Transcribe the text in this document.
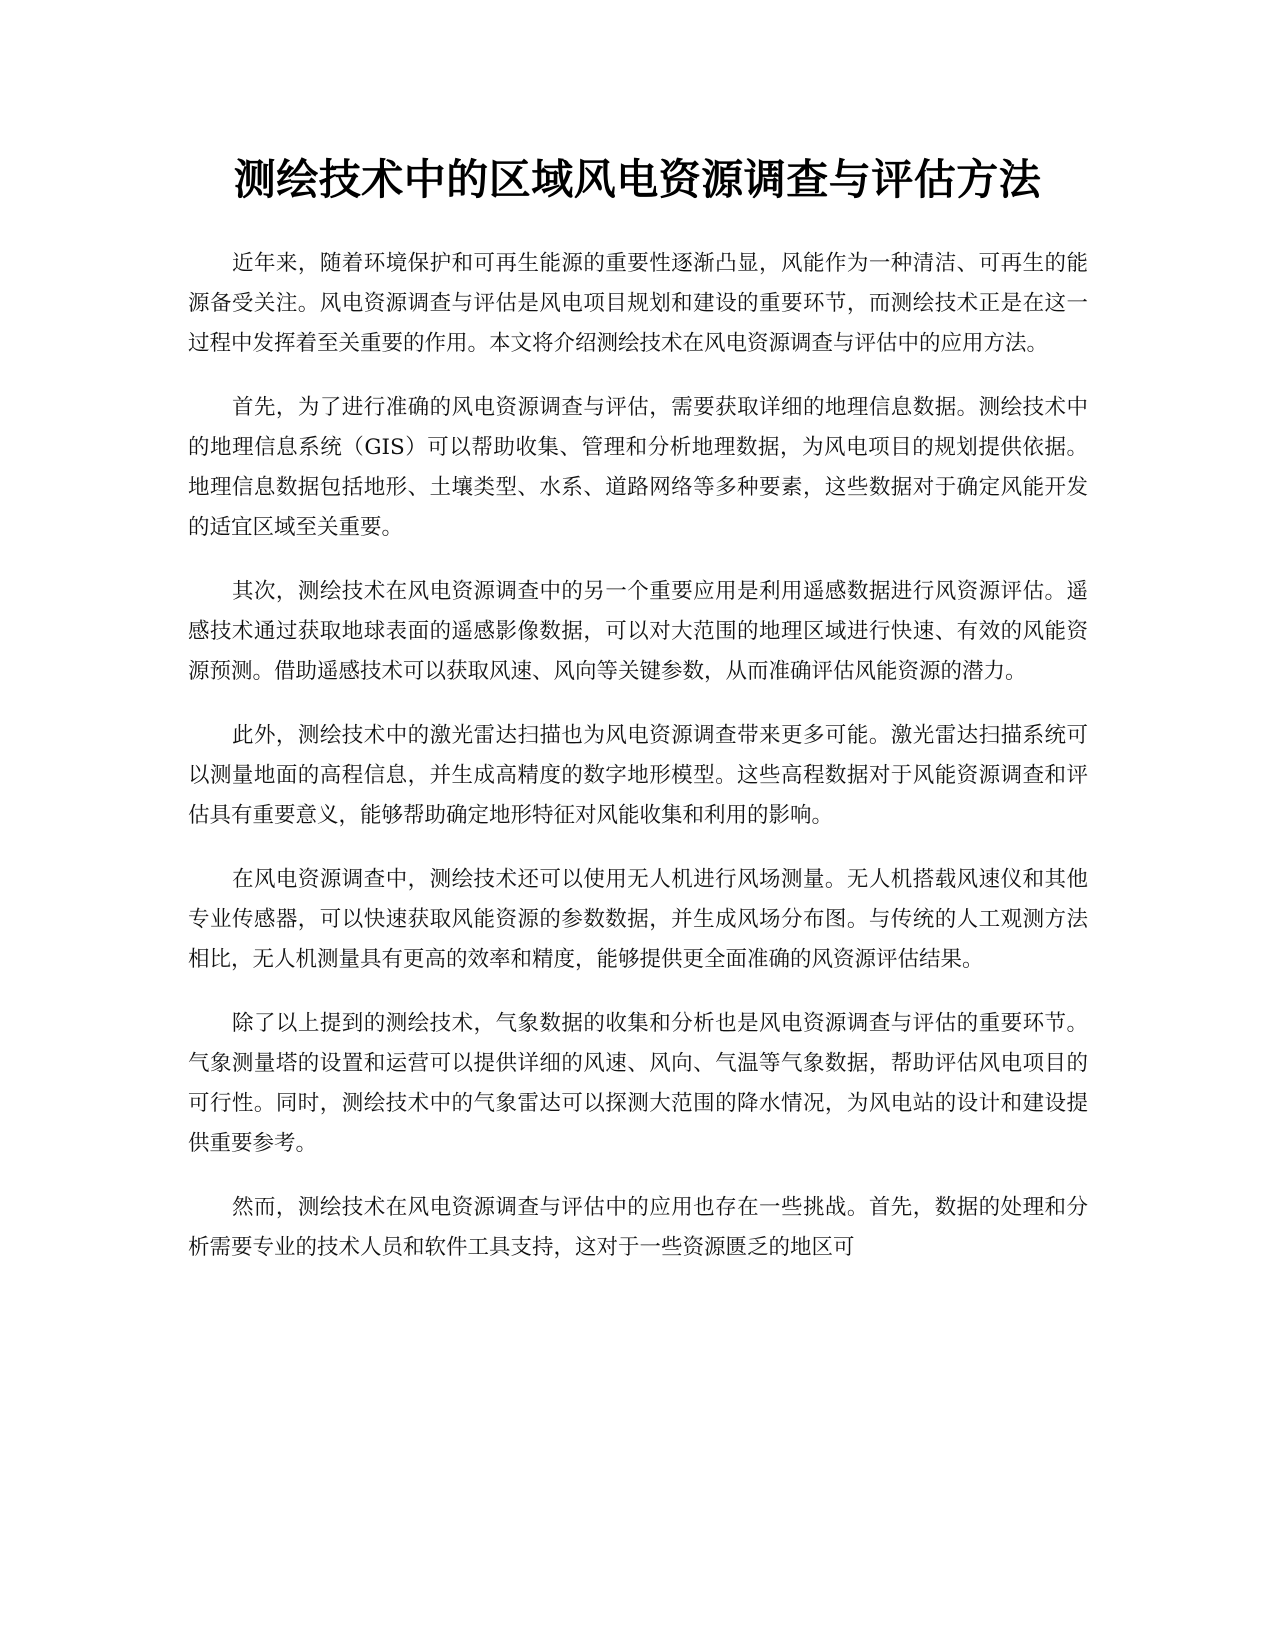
测绘技术中的区域风电资源调查与评估方法

近年来，随着环境保护和可再生能源的重要性逐渐凸显，风能作为一种清洁、可再生的能源备受关注。风电资源调查与评估是风电项目规划和建设的重要环节，而测绘技术正是在这一过程中发挥着至关重要的作用。本文将介绍测绘技术在风电资源调查与评估中的应用方法。

首先，为了进行准确的风电资源调查与评估，需要获取详细的地理信息数据。测绘技术中的地理信息系统（GIS）可以帮助收集、管理和分析地理数据，为风电项目的规划提供依据。地理信息数据包括地形、土壤类型、水系、道路网络等多种要素，这些数据对于确定风能开发的适宜区域至关重要。

其次，测绘技术在风电资源调查中的另一个重要应用是利用遥感数据进行风资源评估。遥感技术通过获取地球表面的遥感影像数据，可以对大范围的地理区域进行快速、有效的风能资源预测。借助遥感技术可以获取风速、风向等关键参数，从而准确评估风能资源的潜力。

此外，测绘技术中的激光雷达扫描也为风电资源调查带来更多可能。激光雷达扫描系统可以测量地面的高程信息，并生成高精度的数字地形模型。这些高程数据对于风能资源调查和评估具有重要意义，能够帮助确定地形特征对风能收集和利用的影响。

在风电资源调查中，测绘技术还可以使用无人机进行风场测量。无人机搭载风速仪和其他专业传感器，可以快速获取风能资源的参数数据，并生成风场分布图。与传统的人工观测方法相比，无人机测量具有更高的效率和精度，能够提供更全面准确的风资源评估结果。

除了以上提到的测绘技术，气象数据的收集和分析也是风电资源调查与评估的重要环节。气象测量塔的设置和运营可以提供详细的风速、风向、气温等气象数据，帮助评估风电项目的可行性。同时，测绘技术中的气象雷达可以探测大范围的降水情况，为风电站的设计和建设提供重要参考。

然而，测绘技术在风电资源调查与评估中的应用也存在一些挑战。首先，数据的处理和分析需要专业的技术人员和软件工具支持，这对于一些资源匮乏的地区可
